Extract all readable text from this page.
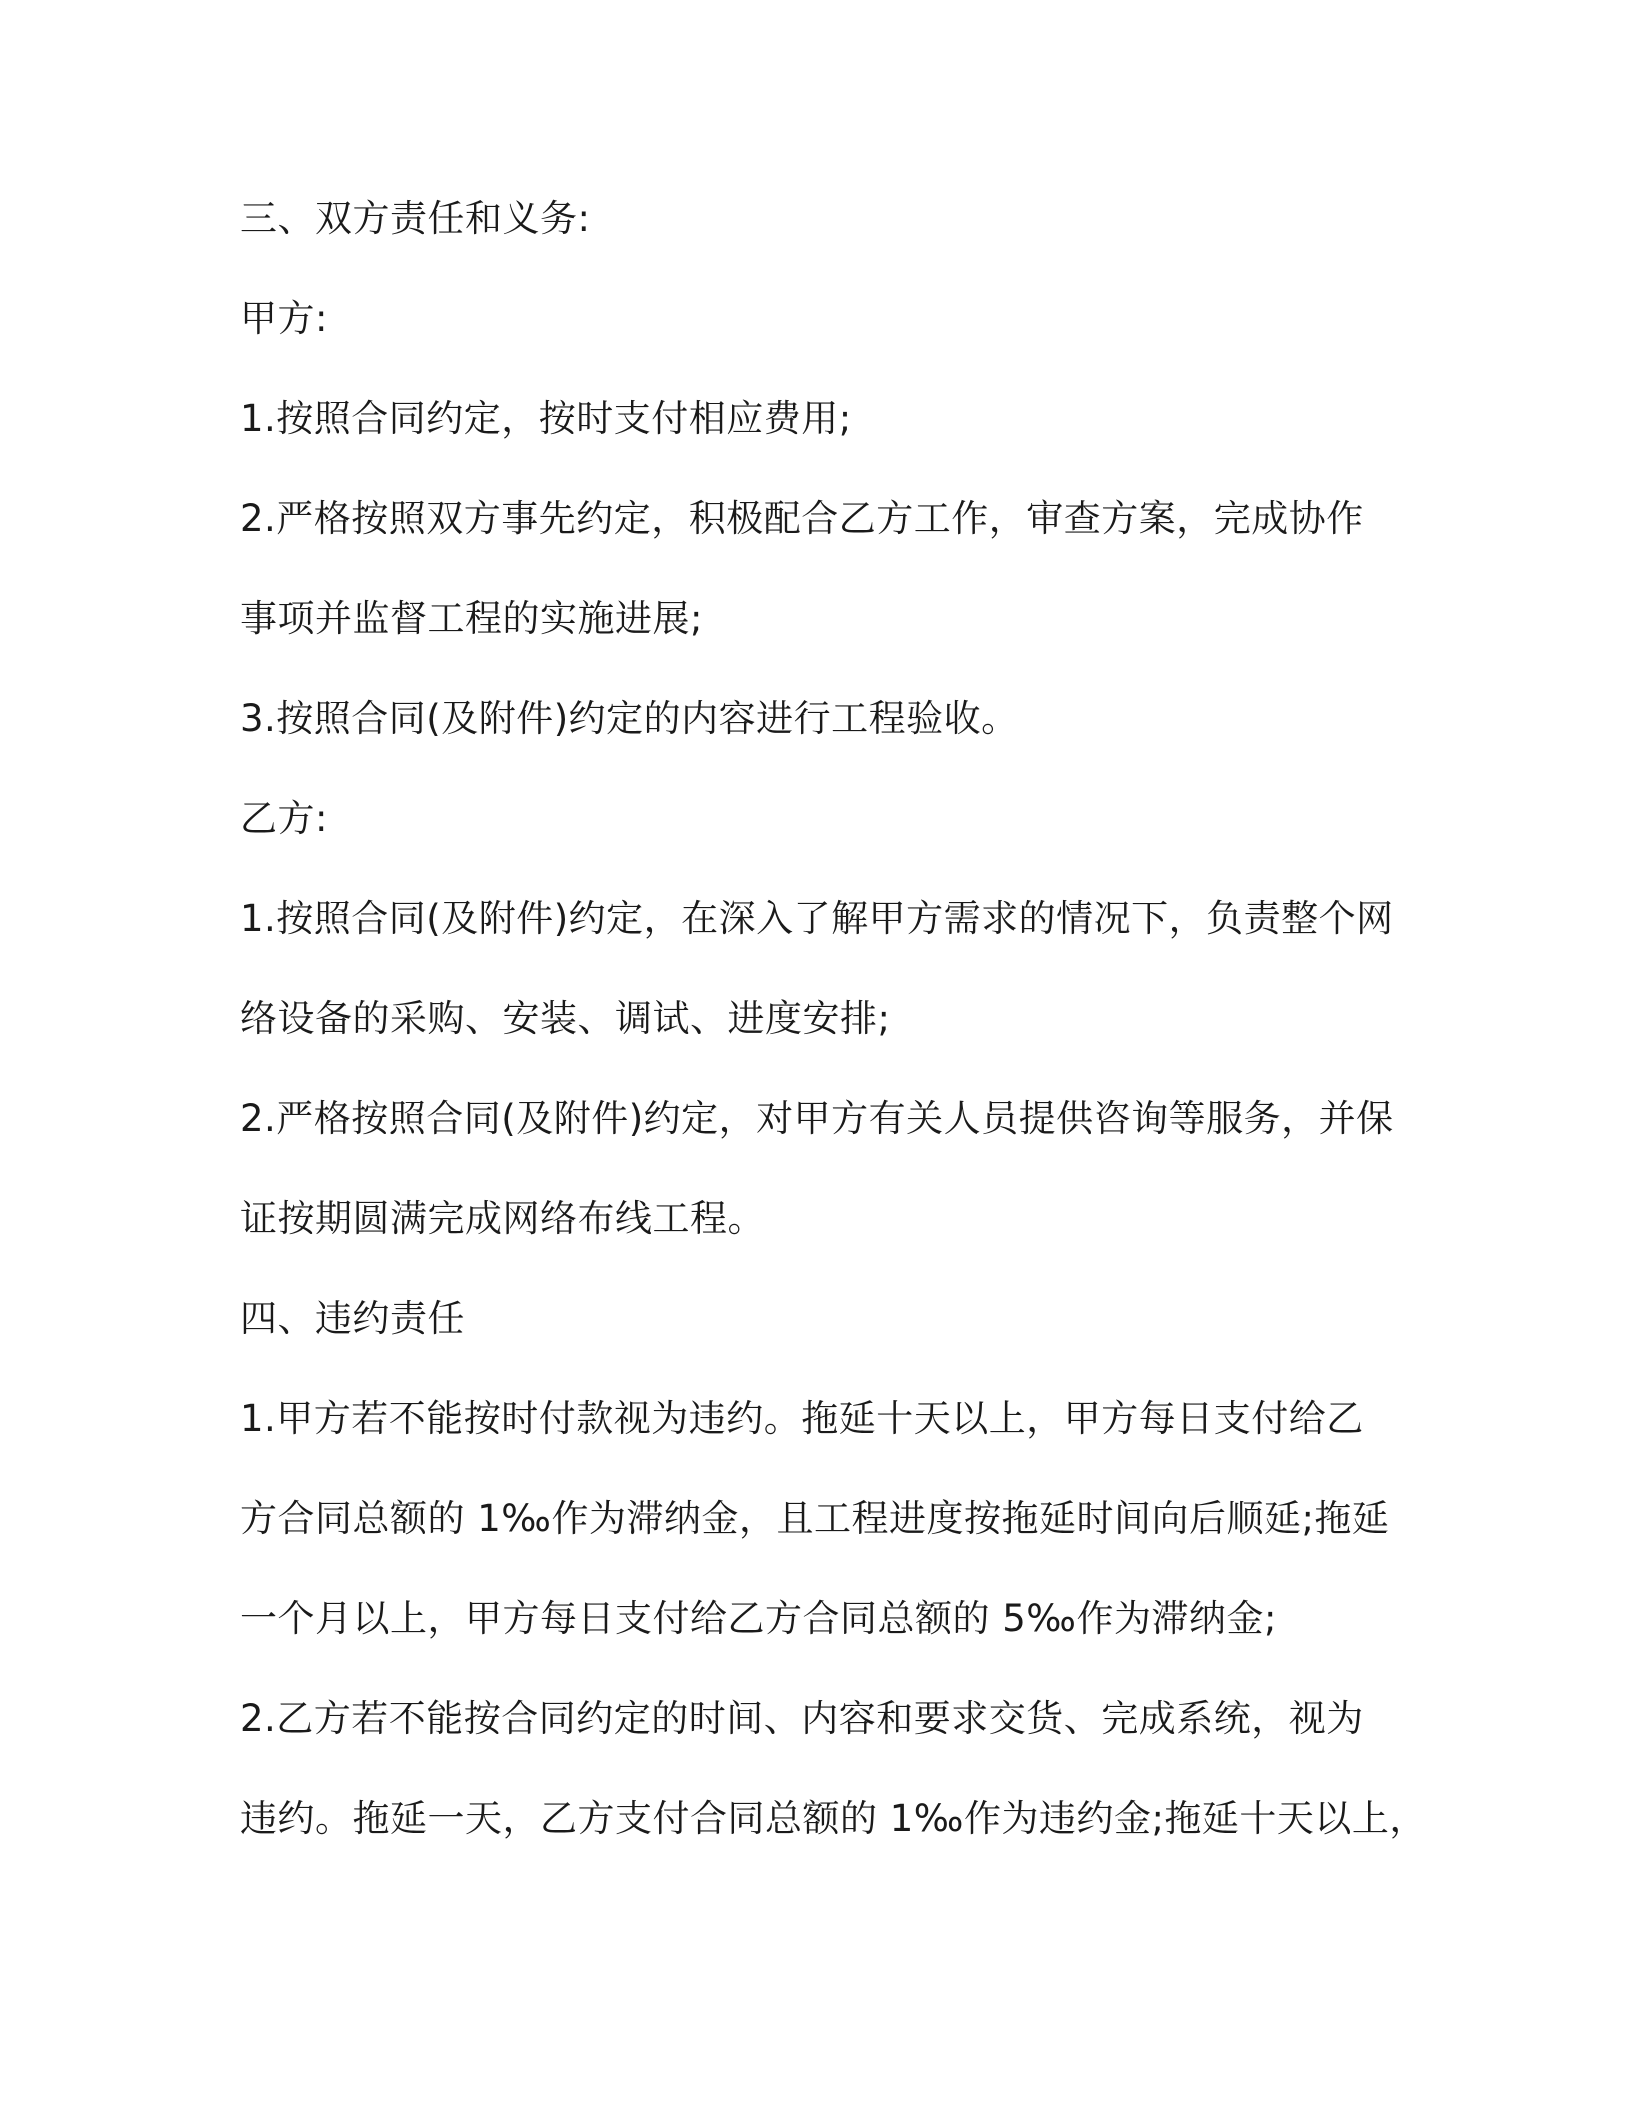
三、双方责任和义务:
甲方:
1.按照合同约定，按时支付相应费用;
2.严格按照双方事先约定，积极配合乙方工作，审查方案，完成协作
事项并监督工程的实施进展;
3.按照合同(及附件)约定的内容进行工程验收。
乙方:
1.按照合同(及附件)约定，在深入了解甲方需求的情况下，负责整个网
络设备的采购、安装、调试、进度安排;
2.严格按照合同(及附件)约定，对甲方有关人员提供咨询等服务，并保
证按期圆满完成网络布线工程。
四、违约责任
1.甲方若不能按时付款视为违约。拖延十天以上，甲方每日支付给乙
方合同总额的 1‰作为滞纳金，且工程进度按拖延时间向后顺延;拖延
一个月以上，甲方每日支付给乙方合同总额的 5‰作为滞纳金;
2.乙方若不能按合同约定的时间、内容和要求交货、完成系统，视为
违约。拖延一天，乙方支付合同总额的 1‰作为违约金;拖延十天以上，
